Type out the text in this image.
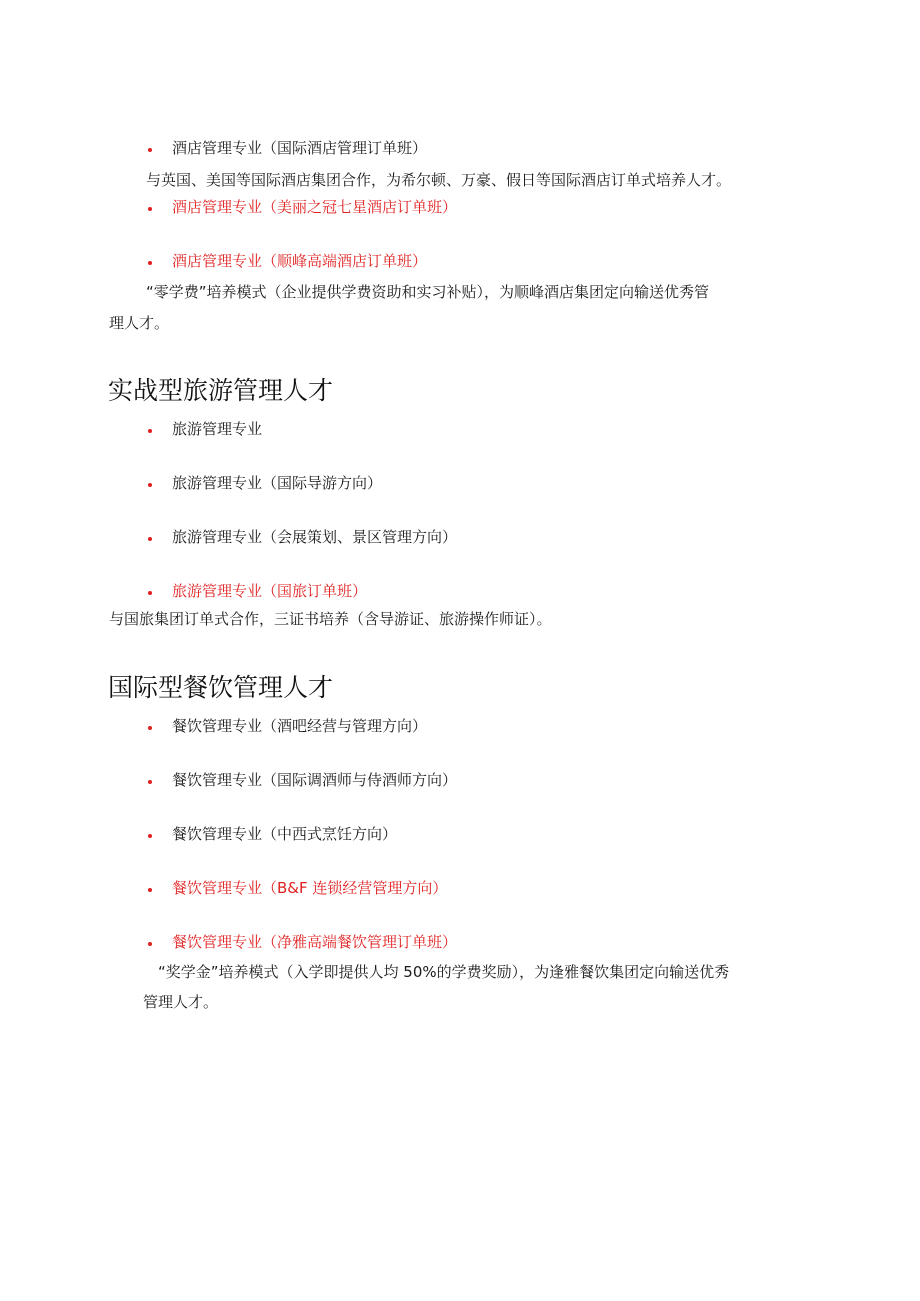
酒店管理专业（国际酒店管理订单班）
与英国、美国等国际酒店集团合作，为希尔顿、万豪、假日等国际酒店订单式培养人才。
酒店管理专业（美丽之冠七星酒店订单班）
酒店管理专业（顺峰高端酒店订单班）
“零学费”培养模式（企业提供学费资助和实习补贴），为顺峰酒店集团定向输送优秀管
理人才。
实战型旅游管理人才
旅游管理专业
旅游管理专业（国际导游方向）
旅游管理专业（会展策划、景区管理方向）
旅游管理专业（国旅订单班）
与国旅集团订单式合作，三证书培养（含导游证、旅游操作师证）。
国际型餐饮管理人才
餐饮管理专业（酒吧经营与管理方向）
餐饮管理专业（国际调酒师与侍酒师方向）
餐饮管理专业（中西式烹饪方向）
餐饮管理专业（B&F 连锁经营管理方向）
餐饮管理专业（净雅高端餐饮管理订单班）
“奖学金”培养模式（入学即提供人均 50%的学费奖励），为逢雅餐饮集团定向输送优秀
管理人才。
